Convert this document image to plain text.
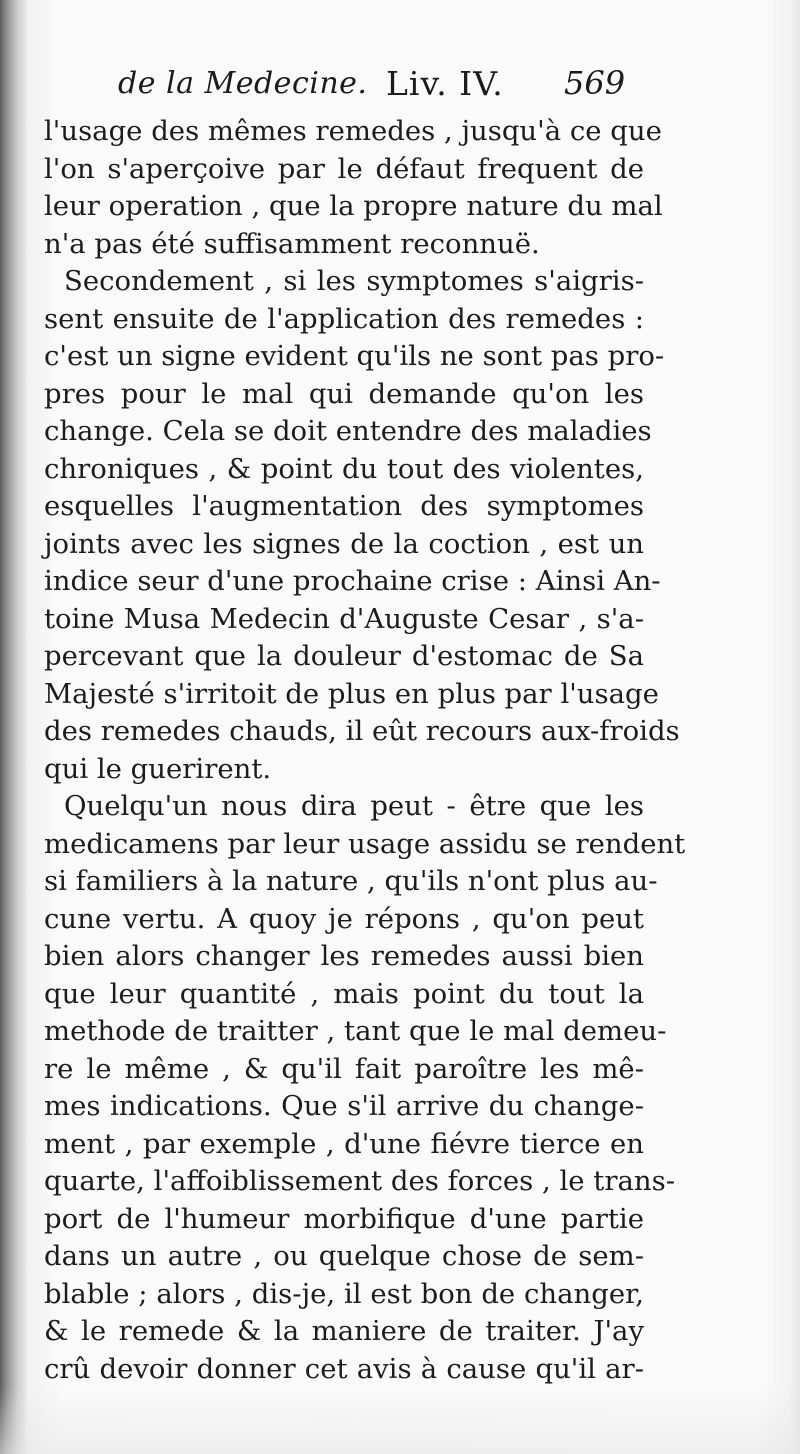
de la Medecine. Liv. IV. 569
l'usage des mêmes remedes , jusqu'à ce que
l'on s'aperçoive par le défaut frequent de
leur operation , que la propre nature du mal
n'a pas été suffisamment reconnuë.
Secondement , si les symptomes s'aigris-
sent ensuite de l'application des remedes :
c'est un signe evident qu'ils ne sont pas pro-
pres pour le mal qui demande qu'on les
change. Cela se doit entendre des maladies
chroniques , & point du tout des violentes,
esquelles l'augmentation des symptomes
joints avec les signes de la coction , est un
indice seur d'une prochaine crise : Ainsi An-
toine Musa Medecin d'Auguste Cesar , s'a-
percevant que la douleur d'estomac de Sa
Majesté s'irritoit de plus en plus par l'usage
des remedes chauds, il eût recours aux-froids
qui le guerirent.
Quelqu'un nous dira peut - être que les
medicamens par leur usage assidu se rendent
si familiers à la nature , qu'ils n'ont plus au-
cune vertu. A quoy je répons , qu'on peut
bien alors changer les remedes aussi bien
que leur quantité , mais point du tout la
methode de traitter , tant que le mal demeu-
re le même , & qu'il fait paroître les mê-
mes indications. Que s'il arrive du change-
ment , par exemple , d'une fiévre tierce en
quarte, l'affoiblissement des forces , le trans-
port de l'humeur morbifique d'une partie
dans un autre , ou quelque chose de sem-
blable ; alors , dis-je, il est bon de changer,
& le remede & la maniere de traiter. J'ay
crû devoir donner cet avis à cause qu'il ar-
